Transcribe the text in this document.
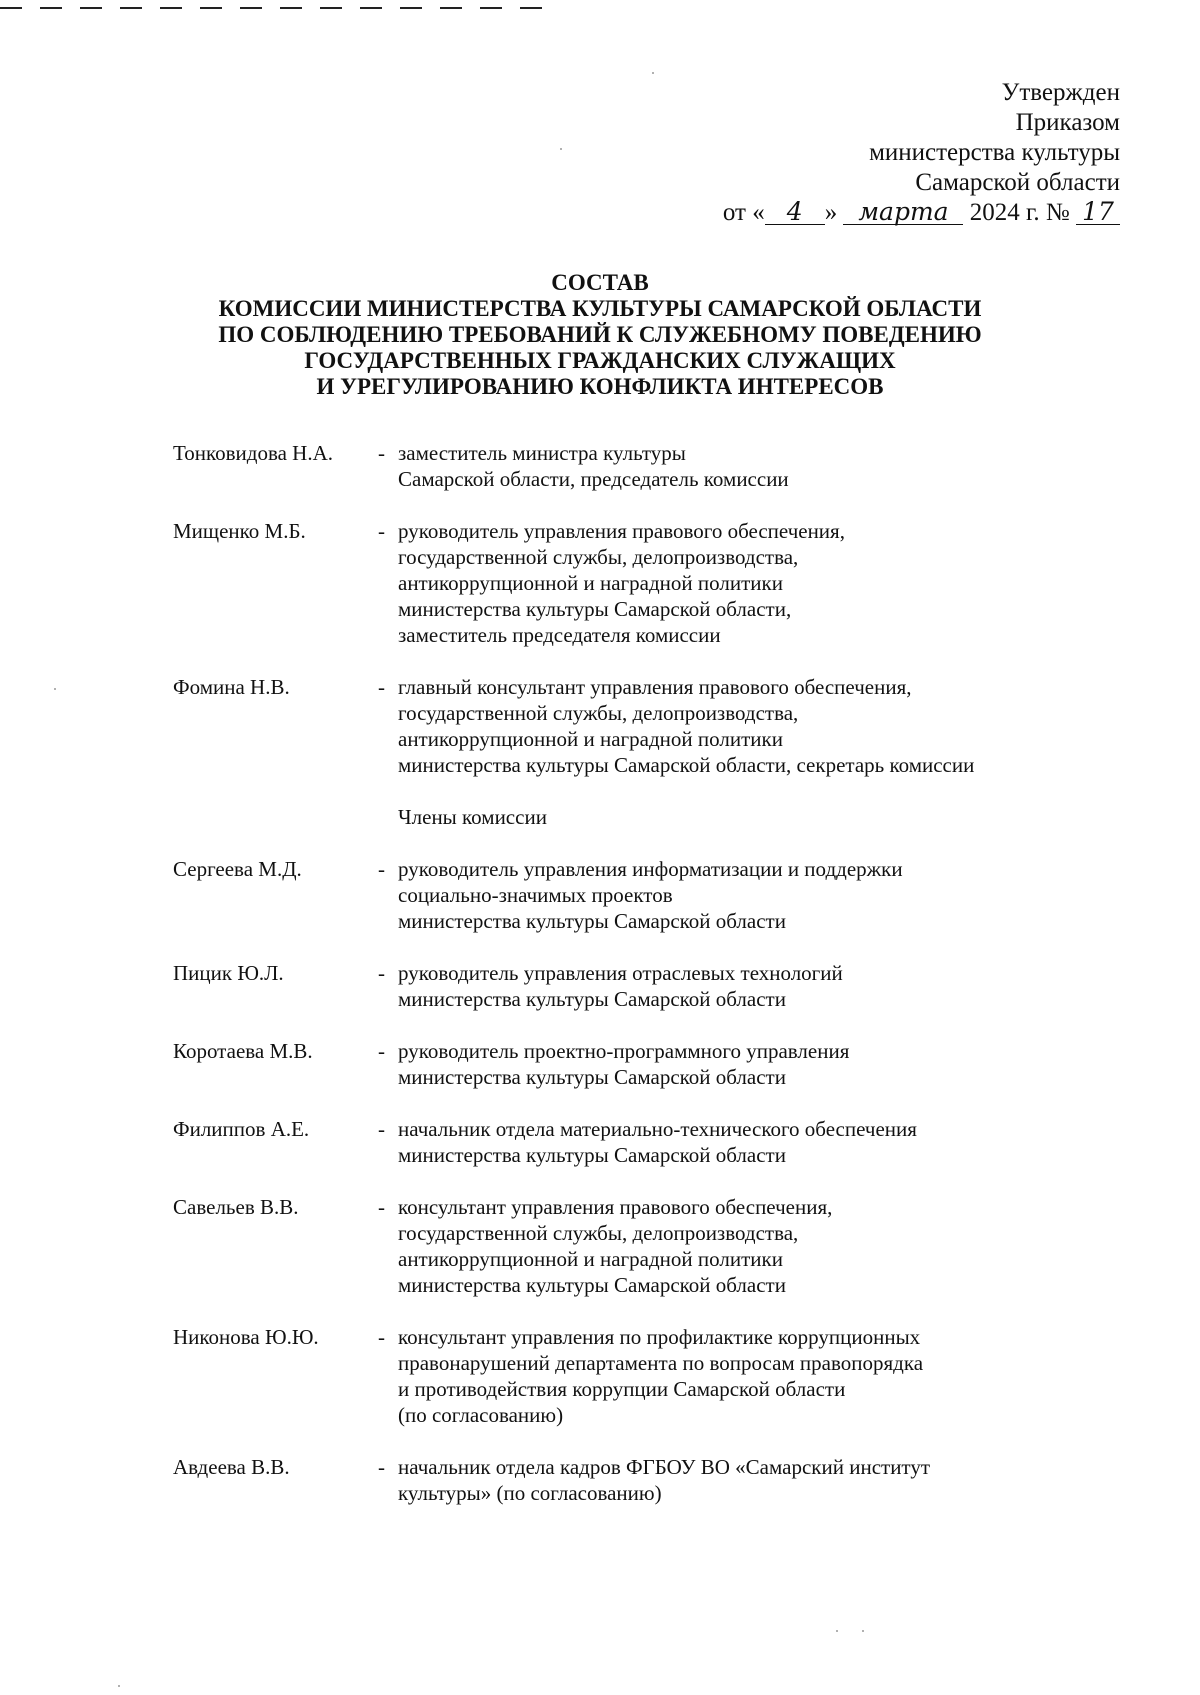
Утвержден
Приказом
министерства культуры
Самарской области
от « 4 » марта 2024 г. № 17
СОСТАВ
КОМИССИИ МИНИСТЕРСТВА КУЛЬТУРЫ САМАРСКОЙ ОБЛАСТИ
ПО СОБЛЮДЕНИЮ ТРЕБОВАНИЙ К СЛУЖЕБНОМУ ПОВЕДЕНИЮ
ГОСУДАРСТВЕННЫХ ГРАЖДАНСКИХ СЛУЖАЩИХ
И УРЕГУЛИРОВАНИЮ КОНФЛИКТА ИНТЕРЕСОВ
Тонковидова Н.А.	- заместитель министра культуры
Самарской области, председатель комиссии
Мищенко М.Б.	- руководитель управления правового обеспечения,
государственной службы, делопроизводства,
антикоррупционной и наградной политики
министерства культуры Самарской области,
заместитель председателя комиссии
Фомина Н.В.	- главный консультант управления правового обеспечения,
государственной службы, делопроизводства,
антикоррупционной и наградной политики
министерства культуры Самарской области, секретарь комиссии
Члены комиссии
Сергеева М.Д.	- руководитель управления информатизации и поддержки
социально-значимых проектов
министерства культуры Самарской области
Пицик Ю.Л.	- руководитель управления отраслевых технологий
министерства культуры Самарской области
Коротаева М.В.	- руководитель проектно-программного управления
министерства культуры Самарской области
Филиппов А.Е.	- начальник отдела материально-технического обеспечения
министерства культуры Самарской области
Савельев В.В.	- консультант управления правового обеспечения,
государственной службы, делопроизводства,
антикоррупционной и наградной политики
министерства культуры Самарской области
Никонова Ю.Ю.	- консультант управления по профилактике коррупционных
правонарушений департамента по вопросам правопорядка
и противодействия коррупции Самарской области
(по согласованию)
Авдеева В.В.	- начальник отдела кадров ФГБОУ ВО «Самарский институт
культуры» (по согласованию)
